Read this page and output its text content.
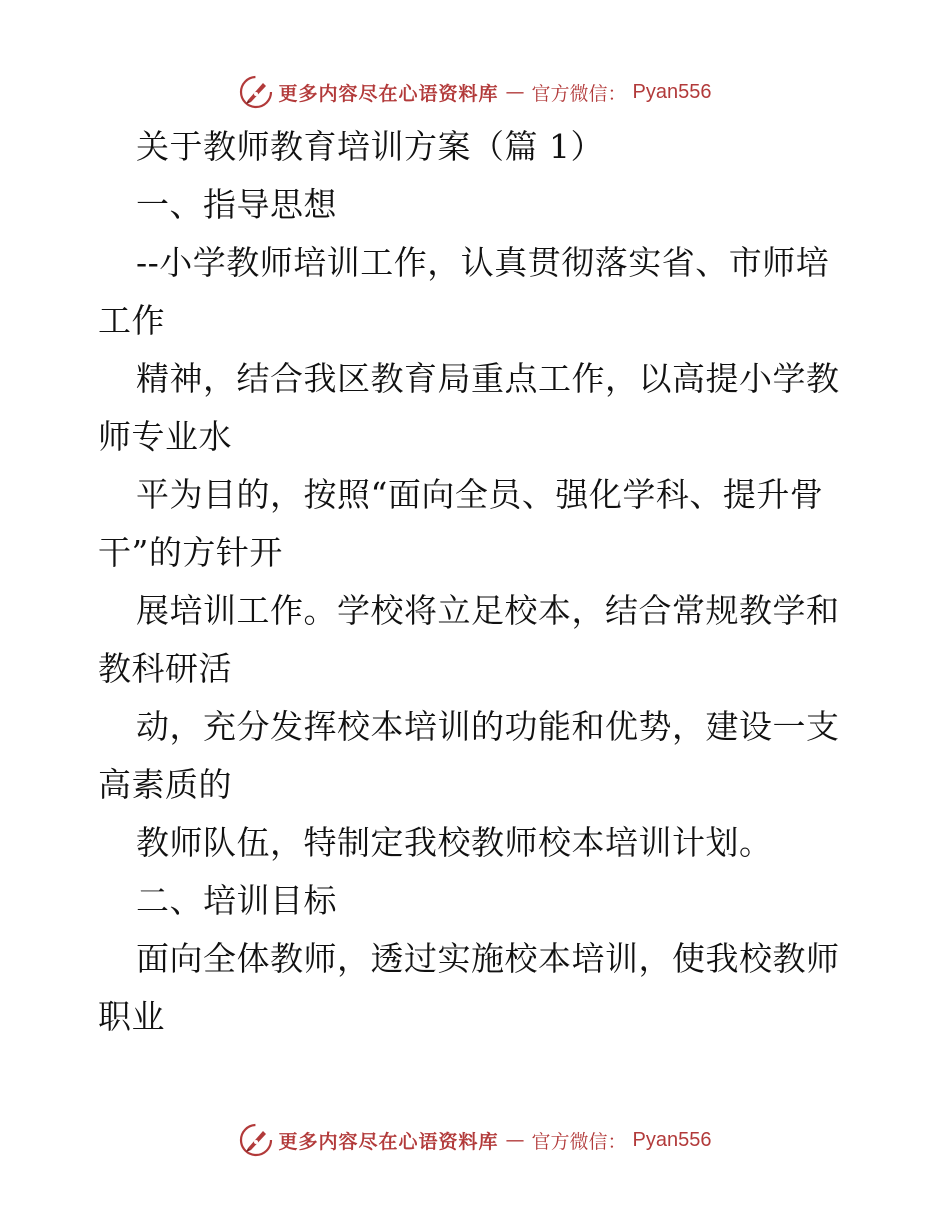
更多内容尽在心语资料库 — 官方微信： Pyan556
关于教师教育培训方案（篇 1）
一、指导思想
--小学教师培训工作，认真贯彻落实省、市师培
工作
精神，结合我区教育局重点工作，以高提小学教
师专业水
平为目的，按照“面向全员、强化学科、提升骨
干”的方针开
展培训工作。学校将立足校本，结合常规教学和
教科研活
动，充分发挥校本培训的功能和优势，建设一支
高素质的
教师队伍，特制定我校教师校本培训计划。
二、培训目标
面向全体教师，透过实施校本培训，使我校教师
职业
更多内容尽在心语资料库 — 官方微信： Pyan556
